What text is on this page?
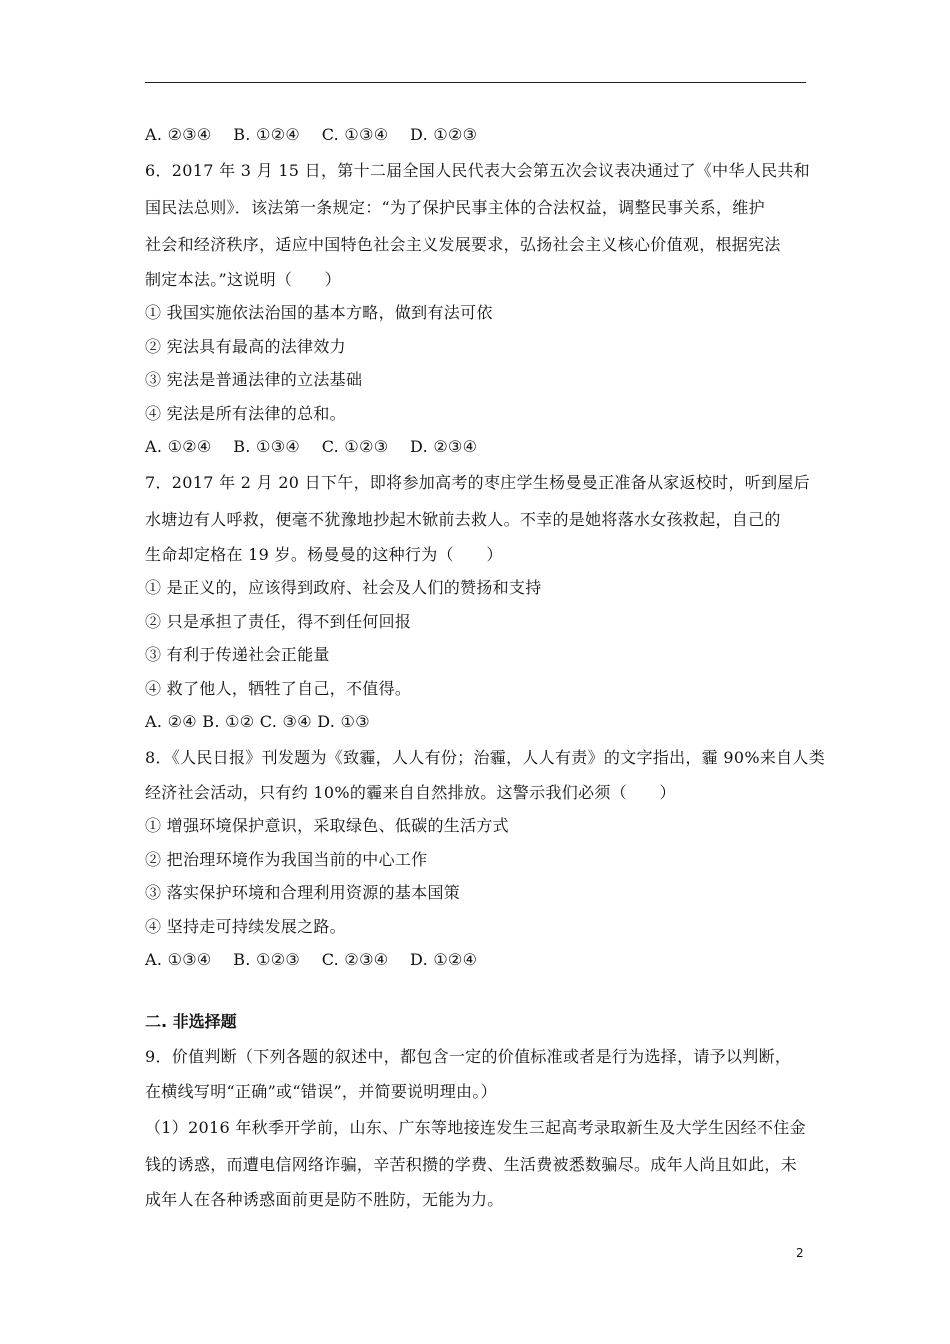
A. ②③④　 B. ①②④　 C. ①③④　 D. ①②③
6．2017 年 3 月 15 日，第十二届全国人民代表大会第五次会议表决通过了《中华人民共和
国民法总则》．该法第一条规定：“为了保护民事主体的合法权益，调整民事关系，维护
社会和经济秩序，适应中国特色社会主义发展要求，弘扬社会主义核心价值观，根据宪法
制定本法。”这说明（　　）
① 我国实施依法治国的基本方略，做到有法可依
② 宪法具有最高的法律效力
③ 宪法是普通法律的立法基础
④ 宪法是所有法律的总和。
A. ①②④　 B. ①③④　 C. ①②③　 D. ②③④
7．2017 年 2 月 20 日下午，即将参加高考的枣庄学生杨曼曼正准备从家返校时，听到屋后
水塘边有人呼救，便毫不犹豫地抄起木锨前去救人。不幸的是她将落水女孩救起，自己的
生命却定格在 19 岁。杨曼曼的这种行为（　　）
① 是正义的，应该得到政府、社会及人们的赞扬和支持
② 只是承担了责任，得不到任何回报
③ 有利于传递社会正能量
④ 救了他人，牺牲了自己，不值得。
A. ②④ B. ①② C. ③④ D. ①③
8．《人民日报》刊发题为《致霾，人人有份；治霾，人人有责》的文字指出，霾 90%来自人类
经济社会活动，只有约 10%的霾来自自然排放。这警示我们必须（　　）
① 增强环境保护意识，采取绿色、低碳的生活方式
② 把治理环境作为我国当前的中心工作
③ 落实保护环境和合理利用资源的基本国策
④ 坚持走可持续发展之路。
A. ①③④　 B. ①②③　 C. ②③④　 D. ①②④
二. 非选择题
9．价值判断（下列各题的叙述中，都包含一定的价值标准或者是行为选择，请予以判断，
在横线写明“正确”或“错误”，并简要说明理由。）
（1）2016 年秋季开学前，山东、广东等地接连发生三起高考录取新生及大学生因经不住金
钱的诱惑，而遭电信网络诈骗，辛苦积攒的学费、生活费被悉数骗尽。成年人尚且如此，未
成年人在各种诱惑面前更是防不胜防，无能为力。
2
